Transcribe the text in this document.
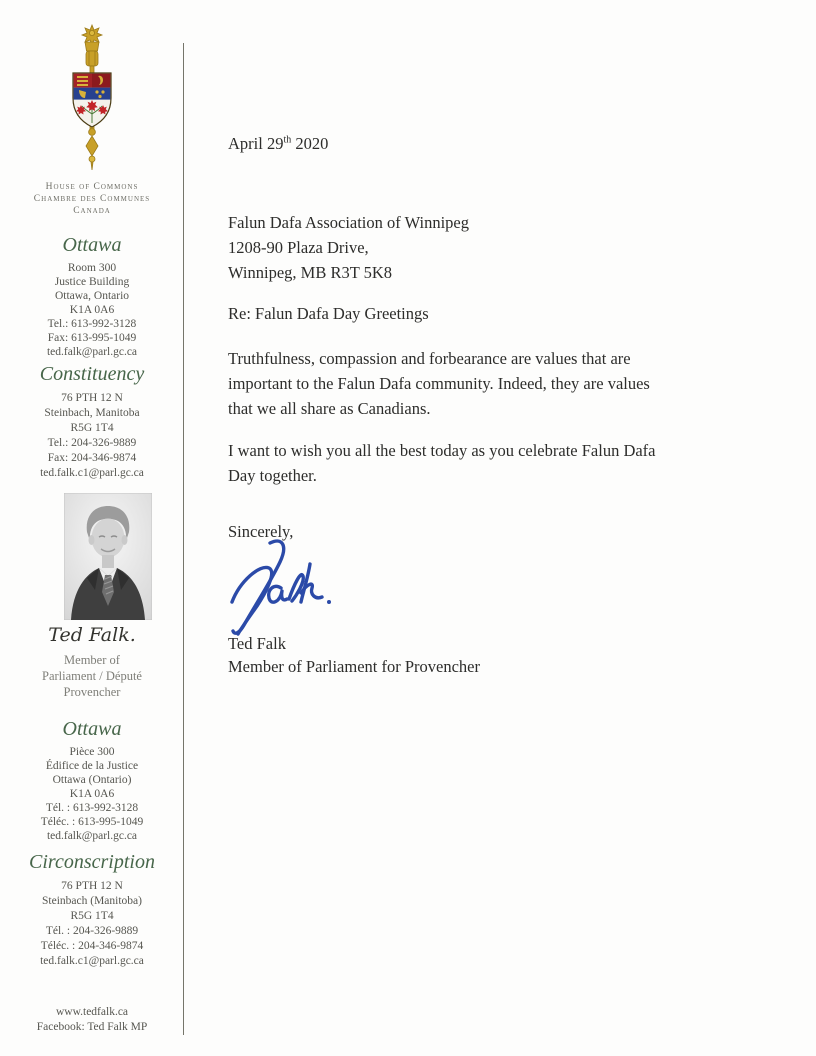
House of Commons
Chambre des Communes
Canada
Ottawa
Room 300
Justice Building
Ottawa, Ontario
K1A 0A6
Tel.: 613-992-3128
Fax: 613-995-1049
ted.falk@parl.gc.ca
Constituency
76 PTH 12 N
Steinbach, Manitoba
R5G 1T4
Tel.: 204-326-9889
Fax: 204-346-9874
ted.falk.c1@parl.gc.ca
Ted Falk.
Member of
Parliament / Député
Provencher
Ottawa
Pièce 300
Édifice de la Justice
Ottawa (Ontario)
K1A 0A6
Tél. : 613-992-3128
Téléc. : 613-995-1049
ted.falk@parl.gc.ca
Circonscription
76 PTH 12 N
Steinbach (Manitoba)
R5G 1T4
Tél. : 204-326-9889
Téléc. : 204-346-9874
ted.falk.c1@parl.gc.ca
www.tedfalk.ca
Facebook: Ted Falk MP
April 29th 2020
Falun Dafa Association of Winnipeg
1208-90 Plaza Drive,
Winnipeg, MB R3T 5K8
Re: Falun Dafa Day Greetings
Truthfulness, compassion and forbearance are values that are
important to the Falun Dafa community. Indeed, they are values
that we all share as Canadians.
I want to wish you all the best today as you celebrate Falun Dafa
Day together.
Sincerely,
Ted Falk
Member of Parliament for Provencher
